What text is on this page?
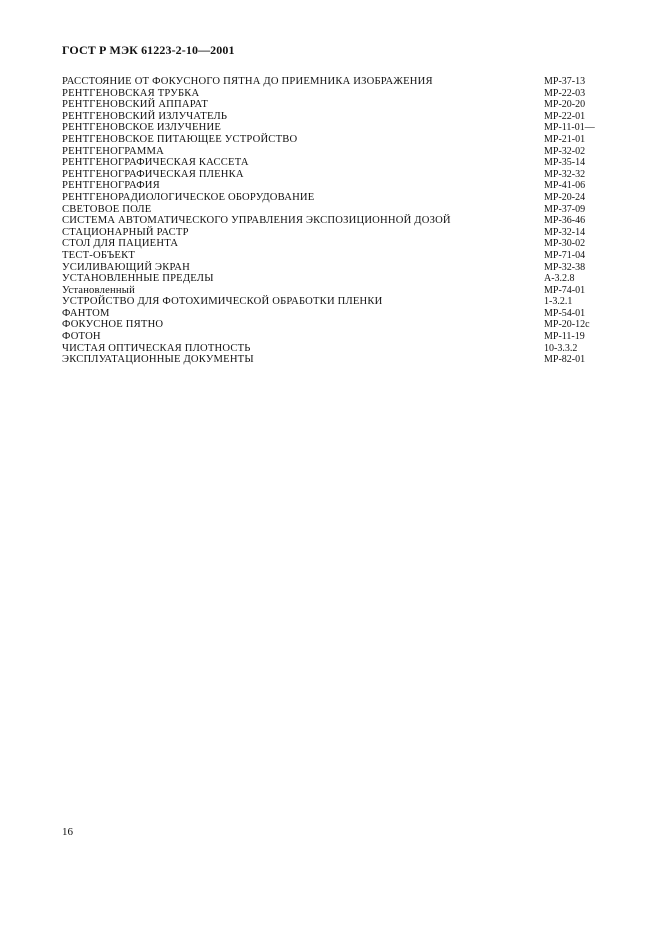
ГОСТ Р МЭК 61223-2-10—2001
РАССТОЯНИЕ ОТ ФОКУСНОГО ПЯТНА ДО ПРИЕМНИКА ИЗОБРАЖЕНИЯ	МР-37-13
РЕНТГЕНОВСКАЯ ТРУБКА	МР-22-03
РЕНТГЕНОВСКИЙ АППАРАТ	МР-20-20
РЕНТГЕНОВСКИЙ ИЗЛУЧАТЕЛЬ	МР-22-01
РЕНТГЕНОВСКОЕ ИЗЛУЧЕНИЕ	МР-11-01—
РЕНТГЕНОВСКОЕ ПИТАЮЩЕЕ УСТРОЙСТВО	МР-21-01
РЕНТГЕНОГРАММА	МР-32-02
РЕНТГЕНОГРАФИЧЕСКАЯ КАССЕТА	МР-35-14
РЕНТГЕНОГРАФИЧЕСКАЯ ПЛЕНКА	МР-32-32
РЕНТГЕНОГРАФИЯ	МР-41-06
РЕНТГЕНОРАДИОЛОГИЧЕСКОЕ ОБОРУДОВАНИЕ	МР-20-24
СВЕТОВОЕ ПОЛЕ	МР-37-09
СИСТЕМА АВТОМАТИЧЕСКОГО УПРАВЛЕНИЯ ЭКСПОЗИЦИОННОЙ ДОЗОЙ	МР-36-46
СТАЦИОНАРНЫЙ РАСТР	МР-32-14
СТОЛ ДЛЯ ПАЦИЕНТА	МР-30-02
ТЕСТ-ОБЪЕКТ	МР-71-04
УСИЛИВАЮЩИЙ ЭКРАН	МР-32-38
УСТАНОВЛЕННЫЕ ПРЕДЕЛЫ	А-3.2.8
Установленный	МР-74-01
УСТРОЙСТВО ДЛЯ ФОТОХИМИЧЕСКОЙ ОБРАБОТКИ ПЛЕНКИ	1-3.2.1
ФАНТОМ	МР-54-01
ФОКУСНОЕ ПЯТНО	МР-20-12с
ФОТОН	МР-11-19
ЧИСТАЯ ОПТИЧЕСКАЯ ПЛОТНОСТЬ	10-3.3.2
ЭКСПЛУАТАЦИОННЫЕ ДОКУМЕНТЫ	МР-82-01
16
